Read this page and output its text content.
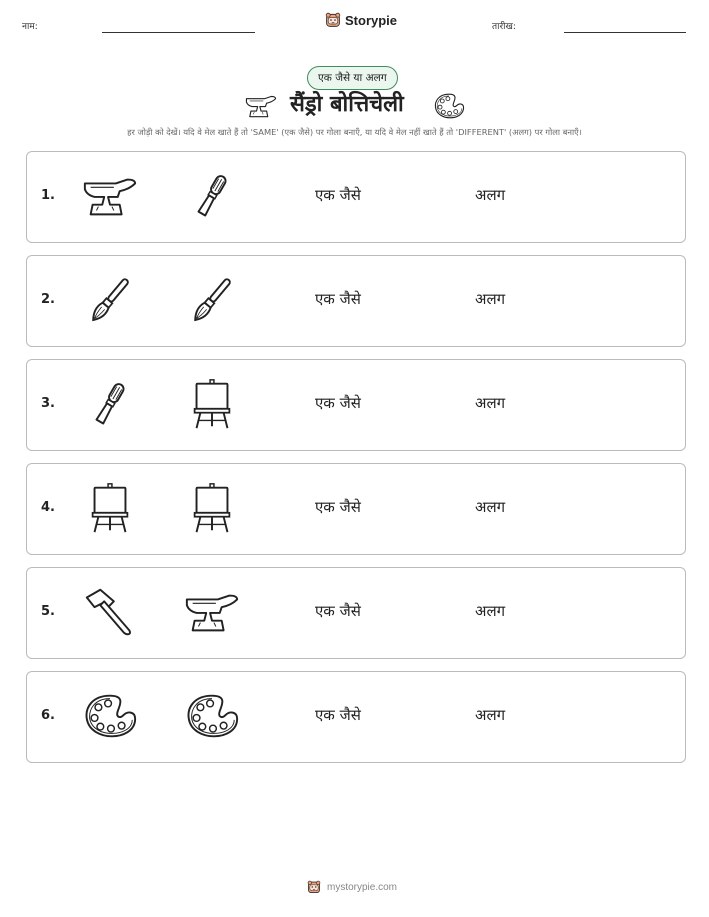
नाम:	Storypie	तारीख:
एक जैसे या अलग
सैंड्रो बोत्तिचेली
हर जोड़ी को देखें। यदि वे मेल खाते हैं तो 'SAME' (एक जैसे) पर गोला बनाएँ, या यदि वे मेल नहीं खाते हैं तो 'DIFFERENT' (अलग) पर गोला बनाएँ।
1.	एक जैसे	अलग
2.	एक जैसे	अलग
3.	एक जैसे	अलग
4.	एक जैसे	अलग
5.	एक जैसे	अलग
6.	एक जैसे	अलग
mystorypie.com
